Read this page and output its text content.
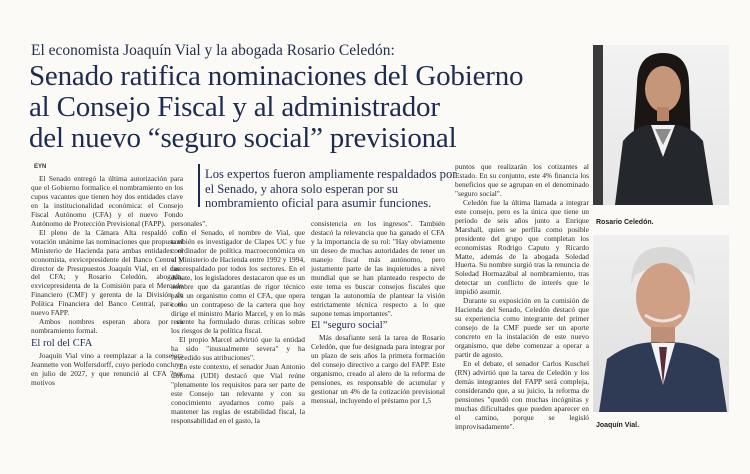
El economista Joaquín Vial y la abogada Rosario Celedón:
Senado ratifica nominaciones del Gobierno
al Consejo Fiscal y al administrador
del nuevo “seguro social” previsional
EYN	Los expertos fueron ampliamente respaldados por el Senado, y ahora solo esperan por su nombramiento oficial para asumir funciones.

El Senado entregó la última autorización para que el Gobierno formalice el nombramiento en los cupos vacantes que tienen hoy dos entidades clave en la institucionalidad económica: el Consejo Fiscal Autónomo (CFA) y el nuevo Fondo Autónomo de Protección Previsional (FAPP).

El pleno de la Cámara Alta respaldó con votación unánime las nominaciones que propuso el Ministerio de Hacienda para ambas entidades: el economista, exvicepresidente del Banco Central y director de Presupuestos Joaquín Vial, en el caso del CFA; y Rosario Celedón, abogada, exvicepresidenta de la Comisión para el Mercado Financiero (CMF) y gerenta de la División de Política Financiera del Banco Central, para el nuevo FAPP.

Ambos nombres esperan ahora por su nombramiento formal.

El rol del CFA

Joaquín Vial vino a reemplazar a la consejera Jeannette von Wolfersdorff, cuyo período concluye en julio de 2027, y que renunció al CFA "por motivos

personales".

En el Senado, el nombre de Vial, que también es investigador de Clapes UC y fue coordinador de política macroeconómica en el Ministerio de Hacienda entre 1992 y 1994, fue respaldado por todos los sectores. En el debate, los legisladores destacaron que es un nombre que da garantías de rigor técnico para un organismo como el CFA, que opera como un contrapeso de la cartera que hoy dirige el ministro Mario Marcel, y en lo más reciente ha formulado duras críticas sobre los riesgos de la política fiscal.

El propio Marcel advirtió que la entidad ha sido "inusualmente severa" y ha "excedido sus atribuciones".

En este contexto, el senador Juan Antonio Coloma (UDI) destacó que Vial reúne "plenamente los requisitos para ser parte de este Consejo tan relevante y con su conocimiento ayudarnos como país a mantener las reglas de estabilidad fiscal, la responsabilidad en el gasto, la

consistencia en los ingresos". También destacó la relevancia que ha ganado el CFA y la importancia de su rol: "Hay obviamente un deseo de muchas autoridades de tener un manejo fiscal más autónomo, pero justamente parte de las inquietudes a nivel mundial que se han planteado respecto de este tema es buscar consejos fiscales que tengan la autonomía de plantear la visión estrictamente técnica respecto a lo que supone temas importantes".

El “seguro social”

Más desafiante será la tarea de Rosario Celedón, que fue designada para integrar por un plazo de seis años la primera formación del consejo directivo a cargo del FAPP. Este organismo, creado al alero de la reforma de pensiones, es responsable de acumular y gestionar un 4% de la cotización previsional mensual, incluyendo el préstamo por 1,5

puntos que realizarán los cotizantes al Estado. En su conjunto, este 4% financia los beneficios que se agrupan en el denominado "seguro social".

Celedón fue la última llamada a integrar este consejo, pero es la única que tiene un período de seis años junto a Enrique Marshall, quien se perfila como posible presidente del grupo que completan los economistas Rodrigo Caputo y Ricardo Matte, además de la abogada Soledad Huerta. Su nombre surgió tras la renuncia de Soledad Hormazábal al nombramiento, tras detectar un conflicto de interés que le impidió asumir.

Durante su exposición en la comisión de Hacienda del Senado, Celedón destacó que su experiencia como integrante del primer consejo de la CMF puede ser un aporte concreto en la instalación de este nuevo organismo, que debe comenzar a operar a partir de agosto.

En el debate, el senador Carlos Kuschel (RN) advirtió que la tarea de Celedón y los demás integrantes del FAPP será compleja, considerando que, a su juicio, la reforma de pensiones "quedó con muchas incógnitas y muchas dificultades que pueden aparecer en el camino, porque se legisló improvisadamente".

Rosario Celedón.
Joaquín Vial.
